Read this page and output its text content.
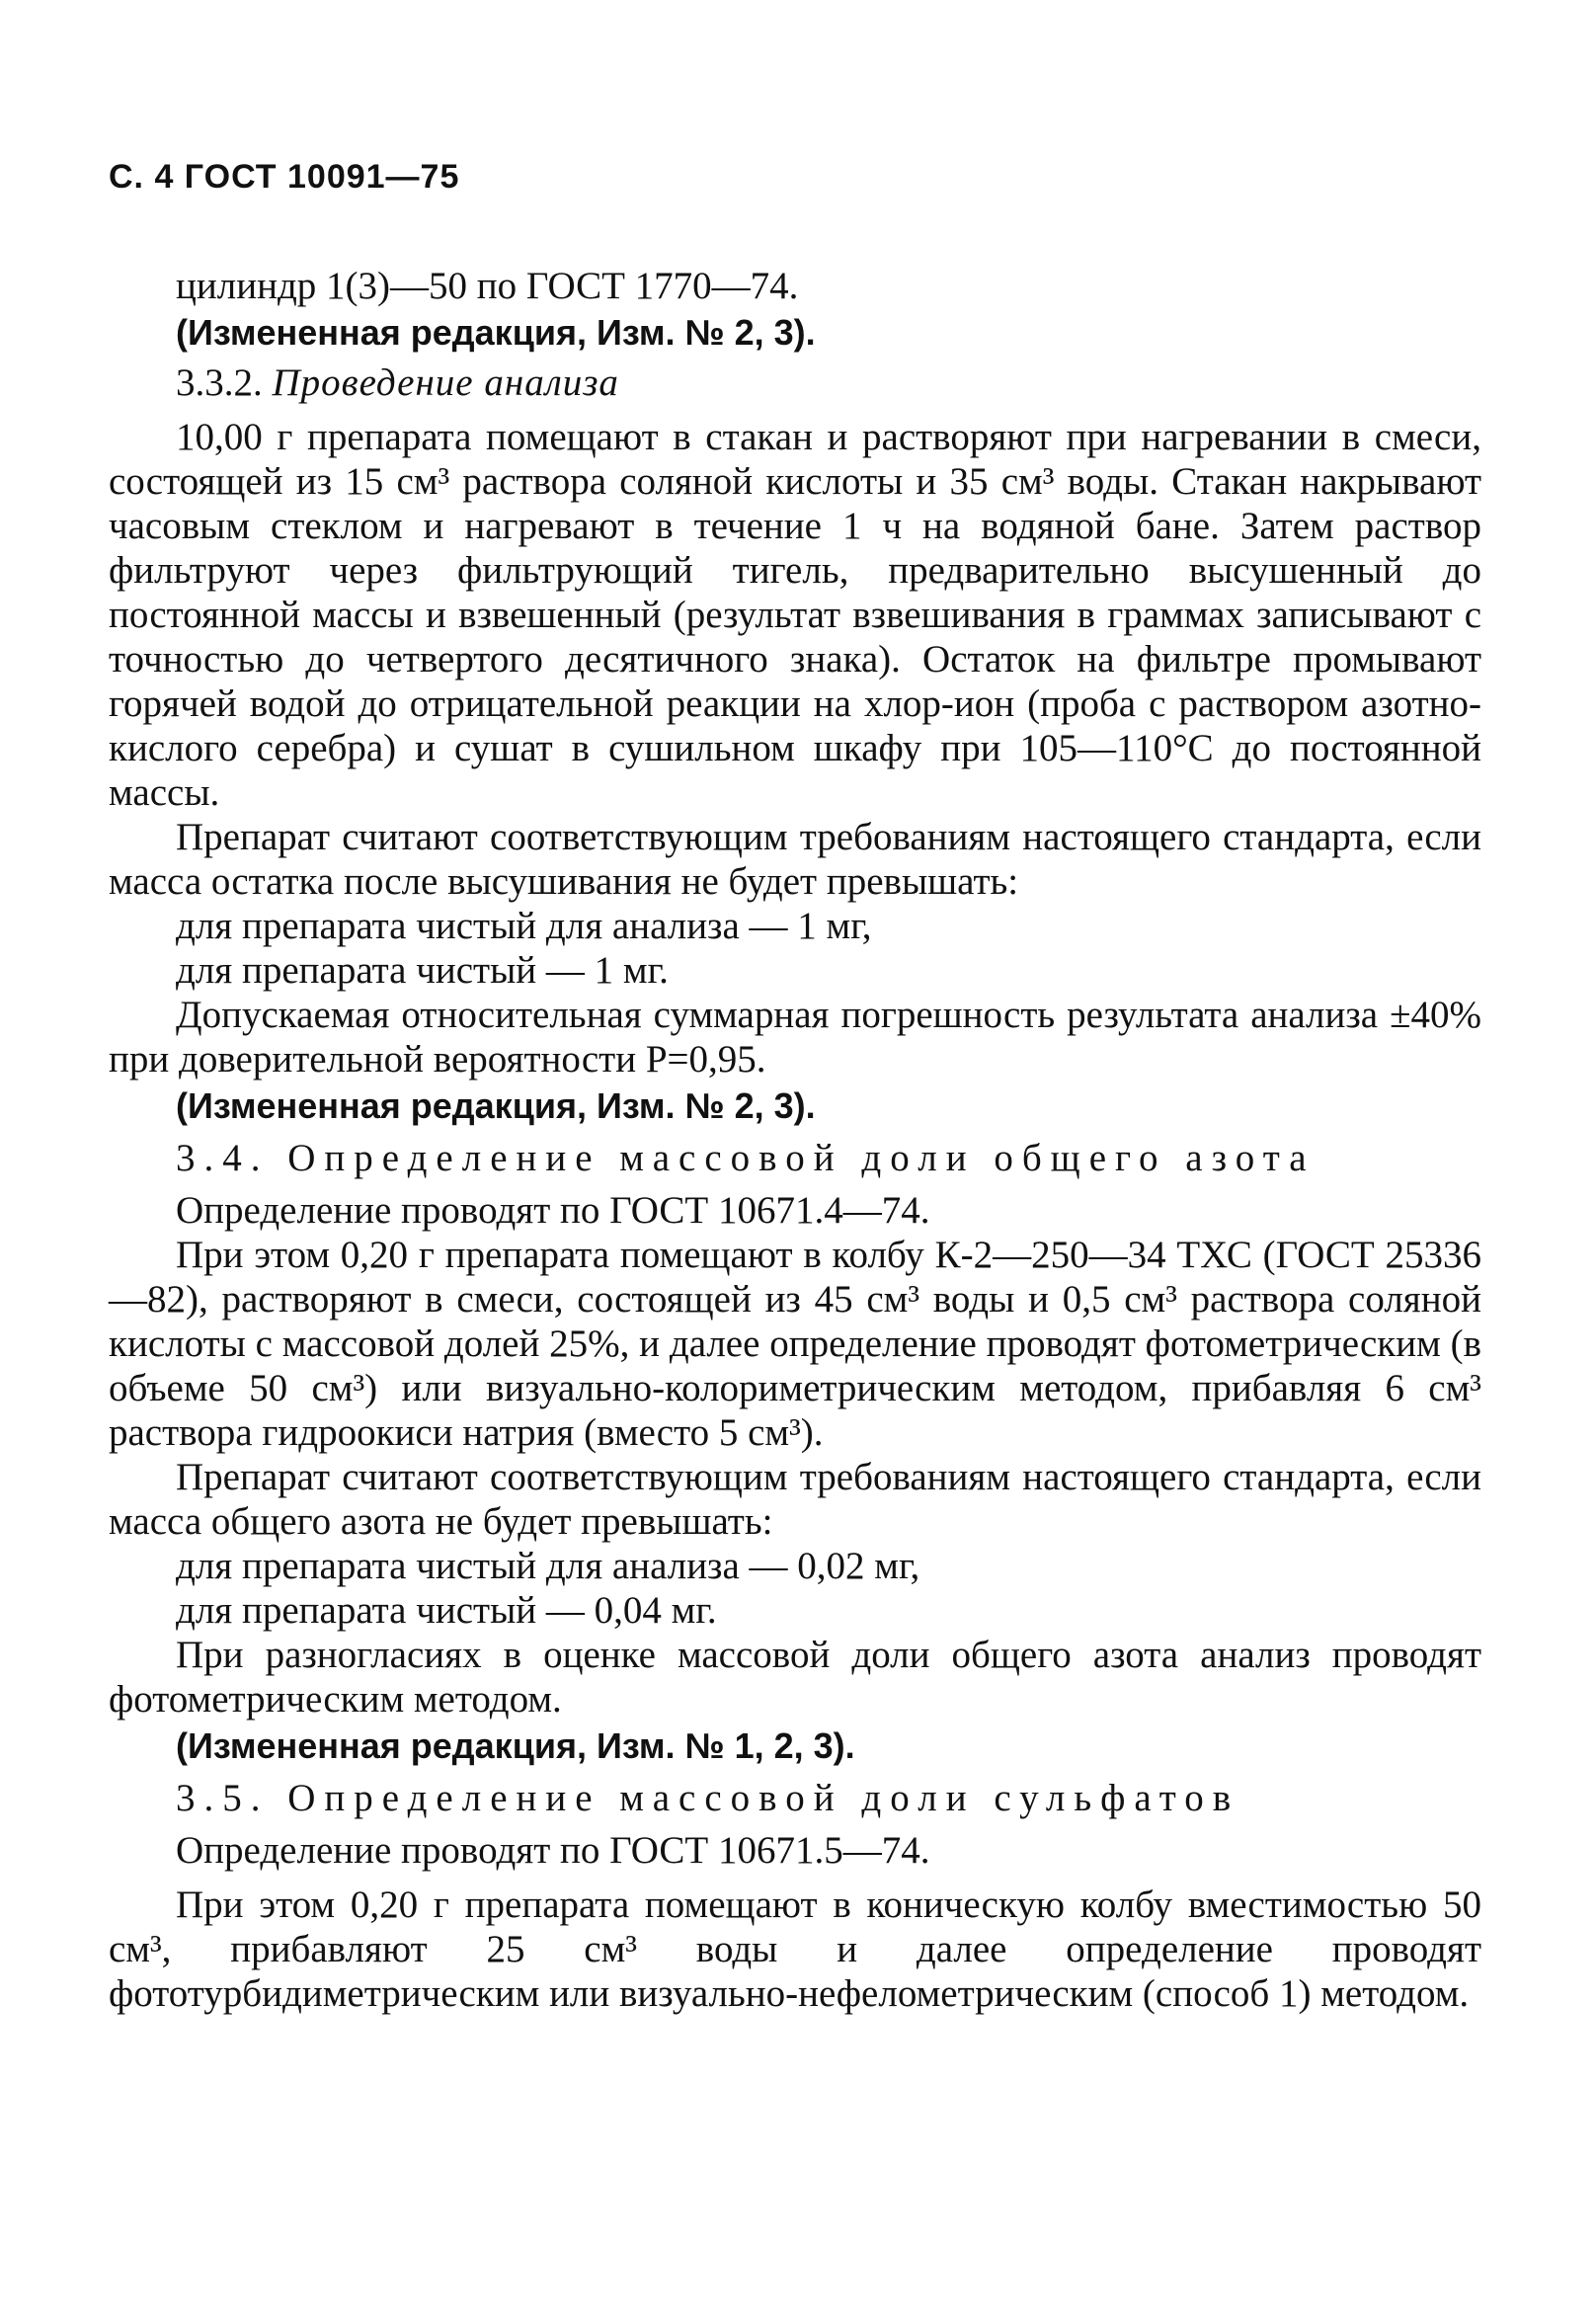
С. 4 ГОСТ 10091—75

цилиндр 1(3)—50 по ГОСТ 1770—74.

(Измененная редакция, Изм. № 2, 3).

3.3.2. Проведение анализа

10,00 г препарата помещают в стакан и растворяют при нагревании в смеси, состоящей из 15 см³ раствора соляной кислоты и 35 см³ воды. Стакан накрывают часовым стеклом и нагревают в течение 1 ч на водяной бане. Затем раствор фильтруют через фильтрующий тигель, предварительно высушенный до постоянной массы и взвешенный (результат взвешивания в граммах записывают с точностью до четвертого десятичного знака). Остаток на фильтре промывают горячей водой до отрицательной реакции на хлор-ион (проба с раствором азотно-кислого серебра) и сушат в сушильном шкафу при 105—110°С до постоянной массы.

Препарат считают соответствующим требованиям настоящего стандарта, если масса остатка после высушивания не будет превышать:

для препарата чистый для анализа — 1 мг,

для препарата чистый — 1 мг.

Допускаемая относительная суммарная погрешность результата анализа ±40% при доверительной вероятности Р=0,95.

(Измененная редакция, Изм. № 2, 3).

3.4. Определение массовой доли общего азота

Определение проводят по ГОСТ 10671.4—74.

При этом 0,20 г препарата помещают в колбу К-2—250—34 ТХС (ГОСТ 25336—82), растворяют в смеси, состоящей из 45 см³ воды и 0,5 см³ раствора соляной кислоты с массовой долей 25%, и далее определение проводят фотометрическим (в объеме 50 см³) или визуально-колориметрическим методом, прибавляя 6 см³ раствора гидроокиси натрия (вместо 5 см³).

Препарат считают соответствующим требованиям настоящего стандарта, если масса общего азота не будет превышать:

для препарата чистый для анализа — 0,02 мг,

для препарата чистый — 0,04 мг.

При разногласиях в оценке массовой доли общего азота анализ проводят фотометрическим методом.

(Измененная редакция, Изм. № 1, 2, 3).

3.5. Определение массовой доли сульфатов

Определение проводят по ГОСТ 10671.5—74.

При этом 0,20 г препарата помещают в коническую колбу вместимостью 50 см³, прибавляют 25 см³ воды и далее определение проводят фототурбидиметрическим или визуально-нефелометрическим (способ 1) методом.
